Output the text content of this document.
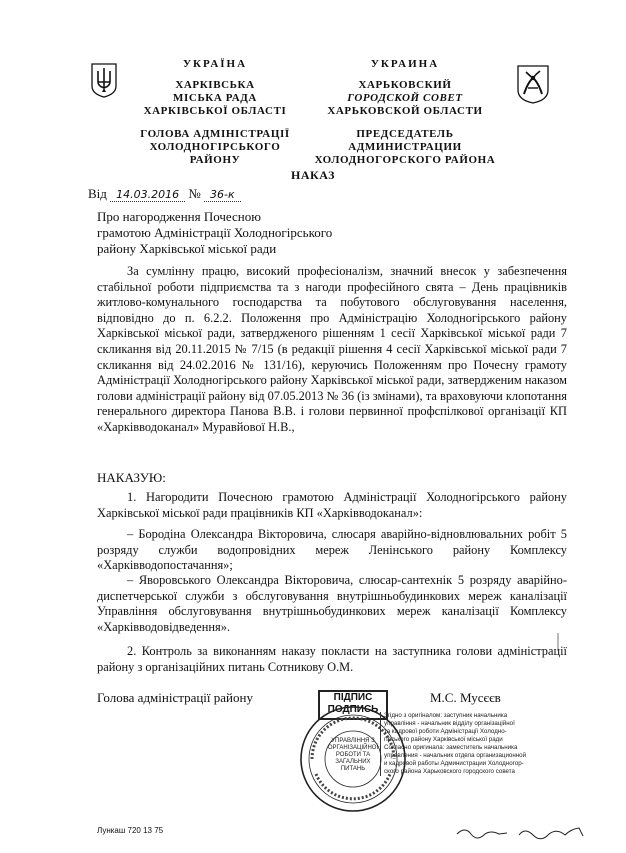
УКРАЇНА
ХАРКІВСЬКА
МІСЬКА РАДА
ХАРКІВСЬКОЇ ОБЛАСТІ
ГОЛОВА АДМІНІСТРАЦІЇ
ХОЛОДНОГІРСЬКОГО РАЙОНУ
УКРАИНА
ХАРЬКОВСКИЙ
ГОРОДСКОЙ СОВЕТ
ХАРЬКОВСКОЙ ОБЛАСТИ
ПРЕДСЕДАТЕЛЬ АДМИНИСТРАЦИИ
ХОЛОДНОГОРСКОГО РАЙОНА
НАКАЗ
Від 14.03.2016 № 36-к
Про нагородження Почесною
грамотою Адміністрації Холодногірського
району Харківської міської ради
За сумлінну працю, високий професіоналізм, значний внесок у забезпечення стабільної роботи підприємства та з нагоди професійного свята – День працівників житлово-комунального господарства та побутового обслуговування населення, відповідно до п. 6.2.2. Положення про Адміністрацію Холодногірського району Харківської міської ради, затвердженого рішенням 1 сесії Харківської міської ради 7 скликання від 20.11.2015 № 7/15 (в редакції рішення 4 сесії Харківської міської ради 7 скликання від 24.02.2016 № 131/16), керуючись Положенням про Почесну грамоту Адміністрації Холодногірського району Харківської міської ради, затвердженим наказом голови адміністрації району від 07.05.2013 № 36 (із змінами), та враховуючи клопотання генерального директора Панова В.В. і голови первинної профспілкової організації КП «Харківводоканал» Муравйової Н.В.,
НАКАЗУЮ:
1. Нагородити Почесною грамотою Адміністрації Холодногірського району Харківської міської ради працівників КП «Харківводоканал»:
– Бородіна Олександра Вікторовича, слюсаря аварійно-відновлювальних робіт 5 розряду служби водопровідних мереж Ленінського району Комплексу «Харківводопостачання»;
– Яворовського Олександра Вікторовича, слюсар-сантехнік 5 розряду аварійно-диспетчерської служби з обслуговування внутрішньобудинкових мереж каналізації Управління обслуговування внутрішньобудинкових мереж каналізації Комплексу «Харківводовідведення».
2. Контроль за виконанням наказу покласти на заступника голови адміністрації району з організаційних питань Сотникову О.М.
Голова адміністрації району	М.С. Мусєєв
ПІДПИС
ПОДПИСЬ
УПРАВЛІННЯ З ОРГАНІЗАЦІЙНОЇ РОБОТИ ТА ЗАГАЛЬНИХ ПИТАНЬ
Згідно з оригіналом: заступник начальника
управління - начальник відділу організаційної
та кадрової роботи Адміністрації Холодно-
гірського району Харківської міської ради
Согласно оригинала: заместитель начальника
управления - начальник отдела организационной
и кадровой работы Администрации Холодногор-
ского района Харьковского городского совета
Лункаш 720 13 75
